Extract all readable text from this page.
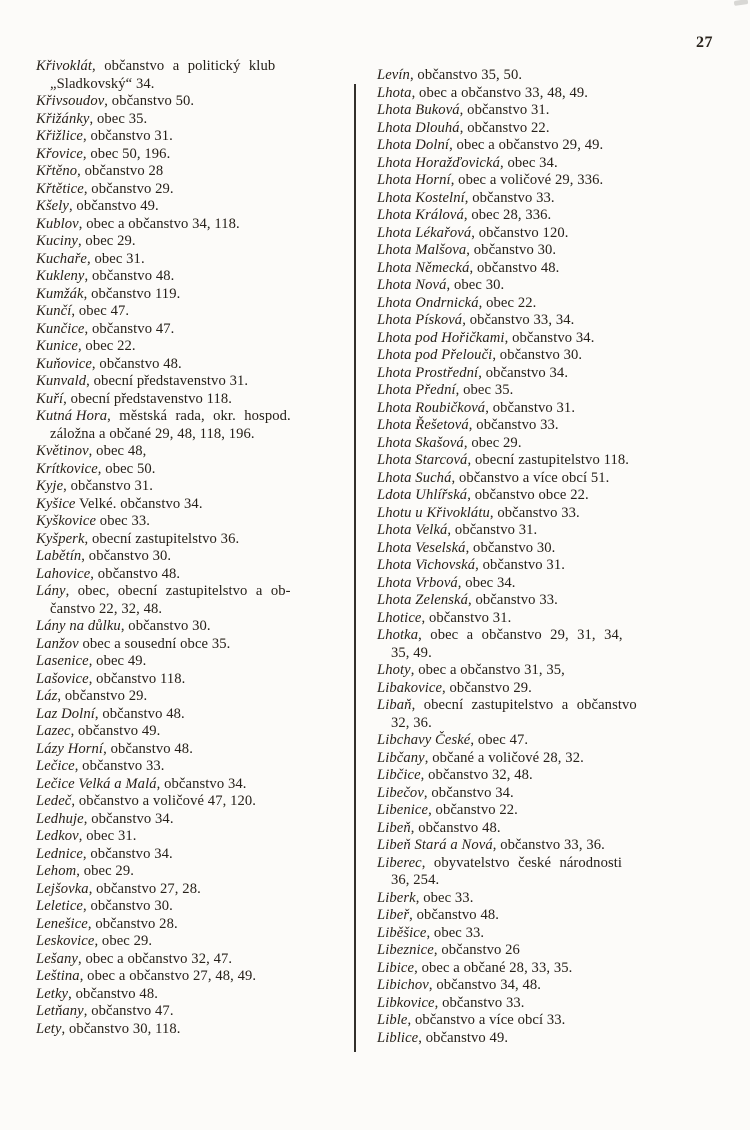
27
Křivoklát, občanstvo a politický klub
„Sladkovský“ 34.
Křivsoudov, občanstvo 50.
Křižánky, obec 35.
Křižlice, občanstvo 31.
Křovice, obec 50, 196.
Křtěno, občanstvo 28
Křtětice, občanstvo 29.
Kšely, občanstvo 49.
Kublov, obec a občanstvo 34, 118.
Kuciny, obec 29.
Kuchaře, obec 31.
Kukleny, občanstvo 48.
Kumžák, občanstvo 119.
Kunčí, obec 47.
Kunčice, občanstvo 47.
Kunice, obec 22.
Kuňovice, občanstvo 48.
Kunvald, obecní představenstvo 31.
Kuří, obecní představenstvo 118.
Kutná Hora, městská rada, okr. hospod.
záložna a občané 29, 48, 118, 196.
Květinov, obec 48,
Krítkovice, obec 50.
Kyje, občanstvo 31.
Kyšice Velké. občanstvo 34.
Kyškovice obec 33.
Kyšperk, obecní zastupitelstvo 36.
Labětín, občanstvo 30.
Lahovice, občanstvo 48.
Lány, obec, obecní zastupitelstvo a ob-
čanstvo 22, 32, 48.
Lány na důlku, občanstvo 30.
Lanžov obec a sousední obce 35.
Lasenice, obec 49.
Lašovice, občanstvo 118.
Láz, občanstvo 29.
Laz Dolní, občanstvo 48.
Lazec, občanstvo 49.
Lázy Horní, občanstvo 48.
Lečice, občanstvo 33.
Lečice Velká a Malá, občanstvo 34.
Ledeč, občanstvo a voličové 47, 120.
Ledhuje, občanstvo 34.
Ledkov, obec 31.
Lednice, občanstvo 34.
Lehom, obec 29.
Lejšovka, občanstvo 27, 28.
Leletice, občanstvo 30.
Lenešice, občanstvo 28.
Leskovice, obec 29.
Lešany, obec a občanstvo 32, 47.
Leština, obec a občanstvo 27, 48, 49.
Letky, občanstvo 48.
Letňany, občanstvo 47.
Lety, občanstvo 30, 118.
Levín, občanstvo 35, 50.
Lhota, obec a občanstvo 33, 48, 49.
Lhota Buková, občanstvo 31.
Lhota Dlouhá, občanstvo 22.
Lhota Dolní, obec a občanstvo 29, 49.
Lhota Horažďovická, obec 34.
Lhota Horní, obec a voličové 29, 336.
Lhota Kostelní, občanstvo 33.
Lhota Králová, obec 28, 336.
Lhota Lékařová, občanstvo 120.
Lhota Malšova, občanstvo 30.
Lhota Německá, občanstvo 48.
Lhota Nová, obec 30.
Lhota Ondrnická, obec 22.
Lhota Písková, občanstvo 33, 34.
Lhota pod Hořičkami, občanstvo 34.
Lhota pod Přelouči, občanstvo 30.
Lhota Prostřední, občanstvo 34.
Lhota Přední, obec 35.
Lhota Roubičková, občanstvo 31.
Lhota Řešetová, občanstvo 33.
Lhota Skašová, obec 29.
Lhota Starcová, obecní zastupitelstvo 118.
Lhota Suchá, občanstvo a více obcí 51.
Ldota Uhlířská, občanstvo obce 22.
Lhotu u Křivoklátu, občanstvo 33.
Lhota Velká, občanstvo 31.
Lhota Veselská, občanstvo 30.
Lhota Vichovská, občanstvo 31.
Lhota Vrbová, obec 34.
Lhota Zelenská, občanstvo 33.
Lhotice, občanstvo 31.
Lhotka, obec a občanstvo 29, 31, 34,
35, 49.
Lhoty, obec a občanstvo 31, 35,
Libakovice, občanstvo 29.
Libaň, obecní zastupitelstvo a občanstvo
32, 36.
Libchavy České, obec 47.
Libčany, občané a voličové 28, 32.
Libčice, občanstvo 32, 48.
Libečov, občanstvo 34.
Libenice, občanstvo 22.
Libeň, občanstvo 48.
Libeň Stará a Nová, občanstvo 33, 36.
Liberec, obyvatelstvo české národnosti
36, 254.
Liberk, obec 33.
Libeř, občanstvo 48.
Liběšice, obec 33.
Libeznice, občanstvo 26
Libice, obec a občané 28, 33, 35.
Libichov, občanstvo 34, 48.
Libkovice, občanstvo 33.
Lible, občanstvo a více obcí 33.
Liblice, občanstvo 49.
